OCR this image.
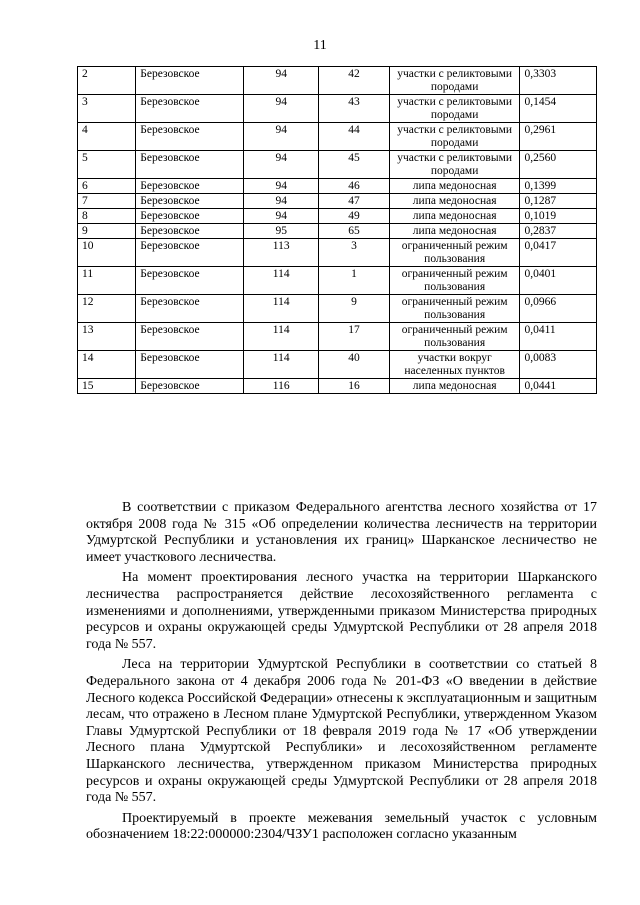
11
2	Березовское	94	42	участки с реликтовыми породами	0,3303
3	Березовское	94	43	участки с реликтовыми породами	0,1454
4	Березовское	94	44	участки с реликтовыми породами	0,2961
5	Березовское	94	45	участки с реликтовыми породами	0,2560
6	Березовское	94	46	липа медоносная	0,1399
7	Березовское	94	47	липа медоносная	0,1287
8	Березовское	94	49	липа медоносная	0,1019
9	Березовское	95	65	липа медоносная	0,2837
10	Березовское	113	3	ограниченный режим пользования	0,0417
11	Березовское	114	1	ограниченный режим пользования	0,0401
12	Березовское	114	9	ограниченный режим пользования	0,0966
13	Березовское	114	17	ограниченный режим пользования	0,0411
14	Березовское	114	40	участки вокруг населенных пунктов	0,0083
15	Березовское	116	16	липа медоносная	0,0441

В соответствии с приказом Федерального агентства лесного хозяйства от 17 октября 2008 года № 315 «Об определении количества лесничеств на территории Удмуртской Республики и установления их границ» Шарканское лесничество не имеет участкового лесничества.

На момент проектирования лесного участка на территории Шарканского лесничества распространяется действие лесохозяйственного регламента с изменениями и дополнениями, утвержденными приказом Министерства природных ресурсов и охраны окружающей среды Удмуртской Республики от 28 апреля 2018 года № 557.

Леса на территории Удмуртской Республики в соответствии со статьей 8 Федерального закона от 4 декабря 2006 года № 201-ФЗ «О введении в действие Лесного кодекса Российской Федерации» отнесены к эксплуатационным и защитным лесам, что отражено в Лесном плане Удмуртской Республики, утвержденном Указом Главы Удмуртской Республики от 18 февраля 2019 года № 17 «Об утверждении Лесного плана Удмуртской Республики» и лесохозяйственном регламенте Шарканского лесничества, утвержденном приказом Министерства природных ресурсов и охраны окружающей среды Удмуртской Республики от 28 апреля 2018 года № 557.

Проектируемый в проекте межевания земельный участок с условным обозначением 18:22:000000:2304/ЧЗУ1 расположен согласно указанным
